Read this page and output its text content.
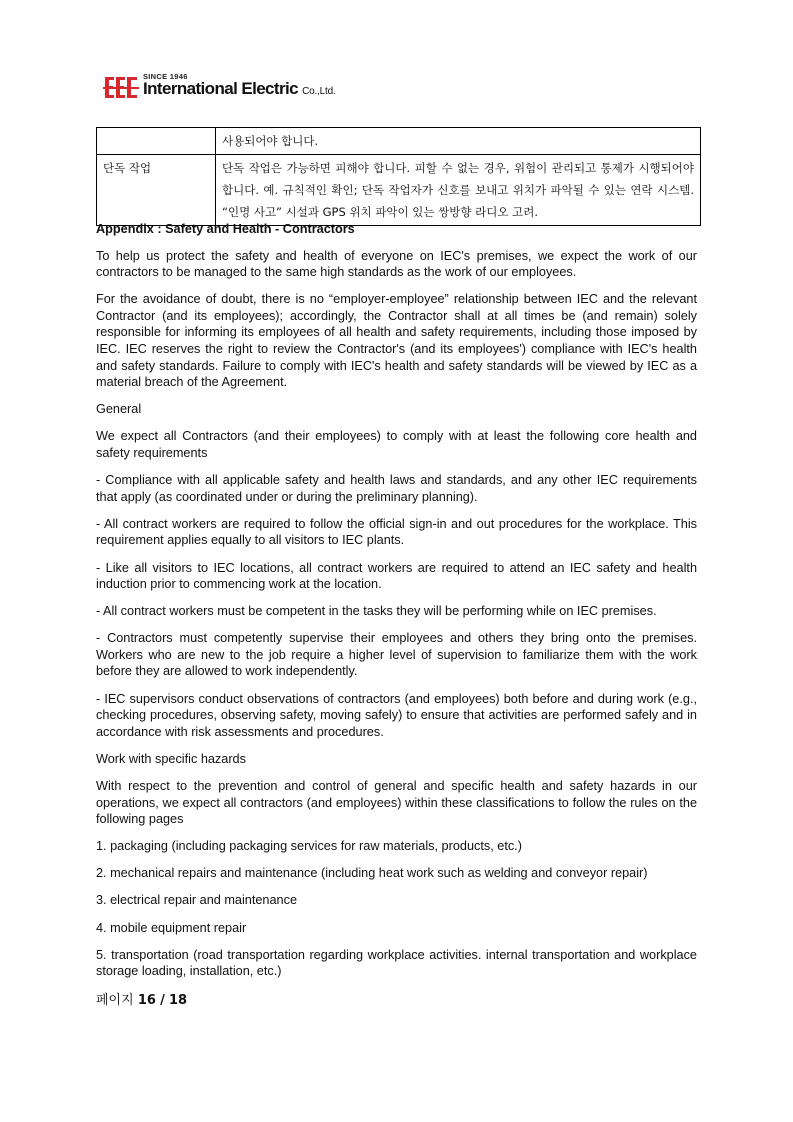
SINCE 1946
International Electric Co.,Ltd.
	사용되어야 합니다.
단독 작업	단독 작업은 가능하면 피해야 합니다. 피할 수 없는 경우, 위험이 관리되고 통제가 시행되어야 합니다. 예. 규칙적인 확인; 단독 작업자가 신호를 보내고 위치가 파악될 수 있는 연락 시스템. “인명 사고” 시설과 GPS 위치 파악이 있는 쌍방향 라디오 고려.
Appendix : Safety and Health - Contractors

To help us protect the safety and health of everyone on IEC's premises, we expect the work of our contractors to be managed to the same high standards as the work of our employees.

For the avoidance of doubt, there is no “employer-employee” relationship between IEC and the relevant Contractor (and its employees); accordingly, the Contractor shall at all times be (and remain) solely responsible for informing its employees of all health and safety requirements, including those imposed by IEC. IEC reserves the right to review the Contractor's (and its employees') compliance with IEC's health and safety standards. Failure to comply with IEC's health and safety standards will be viewed by IEC as a material breach of the Agreement.

General

We expect all Contractors (and their employees) to comply with at least the following core health and safety requirements

- Compliance with all applicable safety and health laws and standards, and any other IEC requirements that apply (as coordinated under or during the preliminary planning).

- All contract workers are required to follow the official sign-in and out procedures for the workplace. This requirement applies equally to all visitors to IEC plants.

- Like all visitors to IEC locations, all contract workers are required to attend an IEC safety and health induction prior to commencing work at the location.

- All contract workers must be competent in the tasks they will be performing while on IEC premises.

- Contractors must competently supervise their employees and others they bring onto the premises. Workers who are new to the job require a higher level of supervision to familiarize them with the work before they are allowed to work independently.

- IEC supervisors conduct observations of contractors (and employees) both before and during work (e.g., checking procedures, observing safety, moving safely) to ensure that activities are performed safely and in accordance with risk assessments and procedures.

Work with specific hazards

With respect to the prevention and control of general and specific health and safety hazards in our operations, we expect all contractors (and employees) within these classifications to follow the rules on the following pages

1. packaging (including packaging services for raw materials, products, etc.)

2. mechanical repairs and maintenance (including heat work such as welding and conveyor repair)

3. electrical repair and maintenance

4. mobile equipment repair

5. transportation (road transportation regarding workplace activities. internal transportation and workplace storage loading, installation, etc.)

페이지 16 / 18
